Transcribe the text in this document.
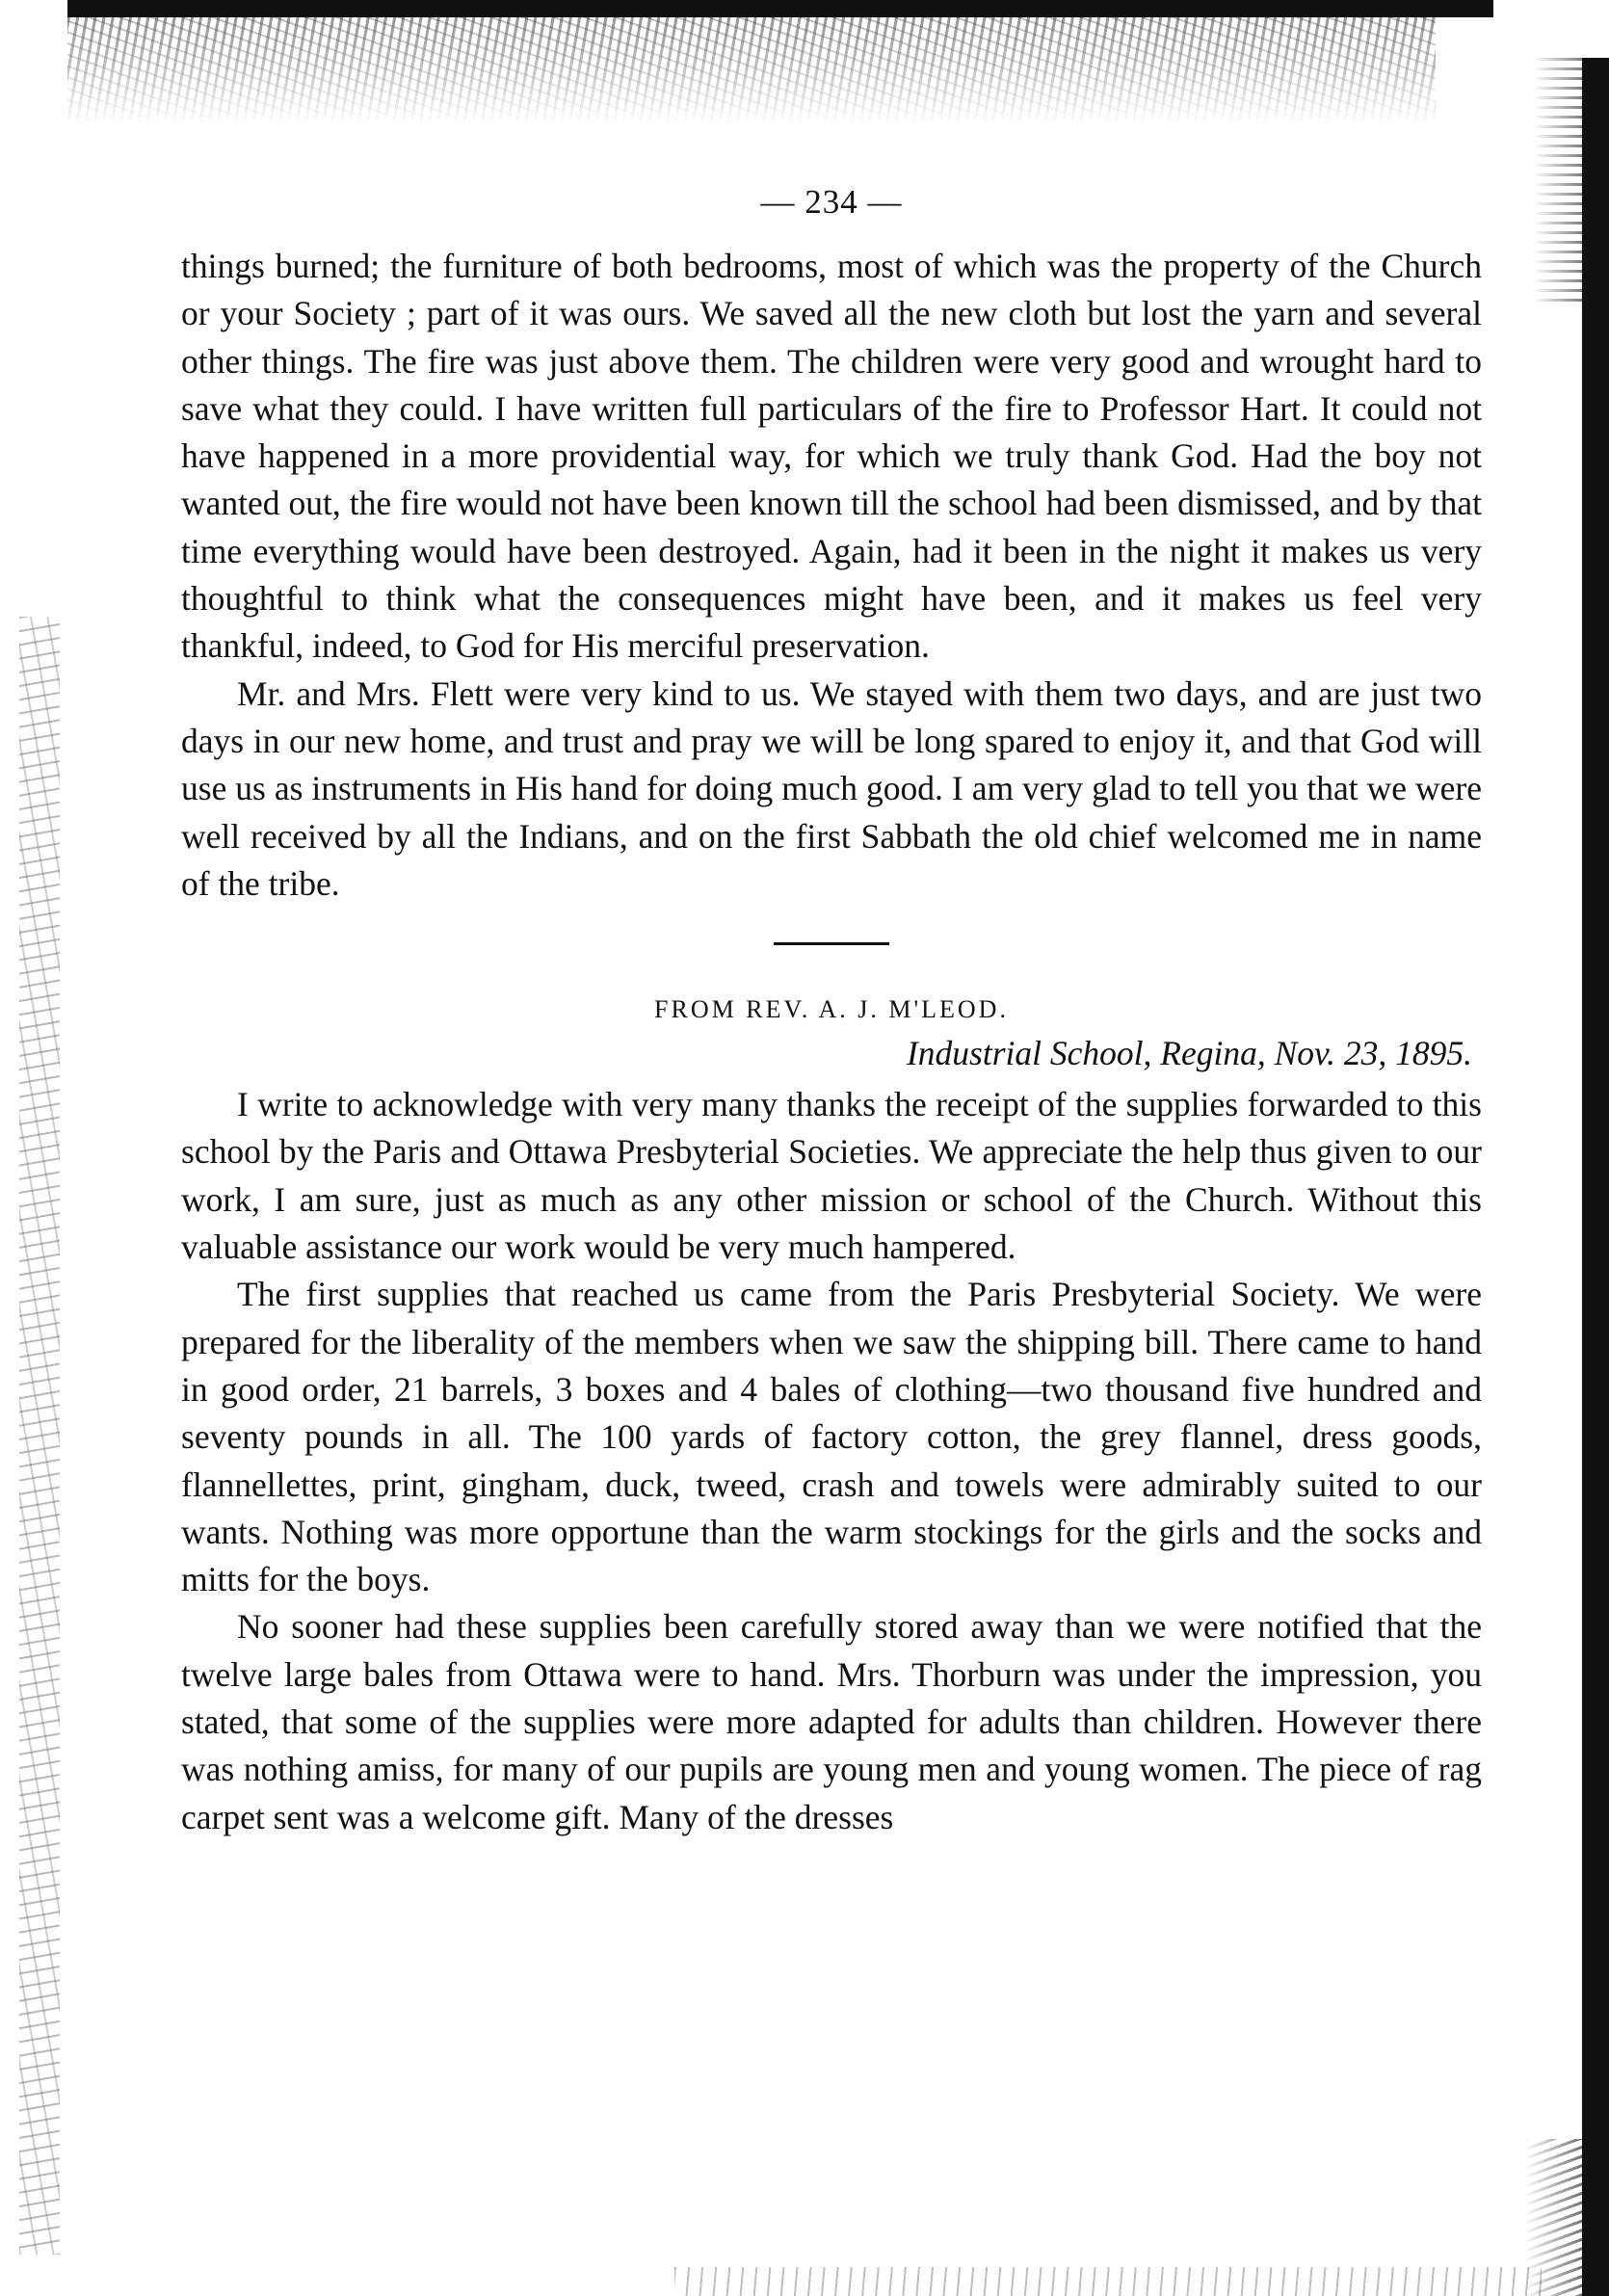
— 234 —

things burned; the furniture of both bedrooms, most of which was the property of the Church or your Society ; part of it was ours. We saved all the new cloth but lost the yarn and several other things. The fire was just above them. The children were very good and wrought hard to save what they could. I have written full particulars of the fire to Professor Hart. It could not have happened in a more providential way, for which we truly thank God. Had the boy not wanted out, the fire would not have been known till the school had been dismissed, and by that time everything would have been destroyed. Again, had it been in the night it makes us very thoughtful to think what the consequences might have been, and it makes us feel very thankful, indeed, to God for His merciful preservation.

Mr. and Mrs. Flett were very kind to us. We stayed with them two days, and are just two days in our new home, and trust and pray we will be long spared to enjoy it, and that God will use us as instruments in His hand for doing much good. I am very glad to tell you that we were well received by all the Indians, and on the first Sabbath the old chief welcomed me in name of the tribe.

FROM REV. A. J. M'LEOD.
Industrial School, Regina, Nov. 23, 1895.

I write to acknowledge with very many thanks the receipt of the supplies forwarded to this school by the Paris and Ottawa Presbyterial Societies. We appreciate the help thus given to our work, I am sure, just as much as any other mission or school of the Church. Without this valuable assistance our work would be very much hampered.

The first supplies that reached us came from the Paris Presbyterial Society. We were prepared for the liberality of the members when we saw the shipping bill. There came to hand in good order, 21 barrels, 3 boxes and 4 bales of clothing—two thousand five hundred and seventy pounds in all. The 100 yards of factory cotton, the grey flannel, dress goods, flannellettes, print, gingham, duck, tweed, crash and towels were admirably suited to our wants. Nothing was more opportune than the warm stockings for the girls and the socks and mitts for the boys.

No sooner had these supplies been carefully stored away than we were notified that the twelve large bales from Ottawa were to hand. Mrs. Thorburn was under the impression, you stated, that some of the supplies were more adapted for adults than children. However there was nothing amiss, for many of our pupils are young men and young women. The piece of rag carpet sent was a welcome gift. Many of the dresses
